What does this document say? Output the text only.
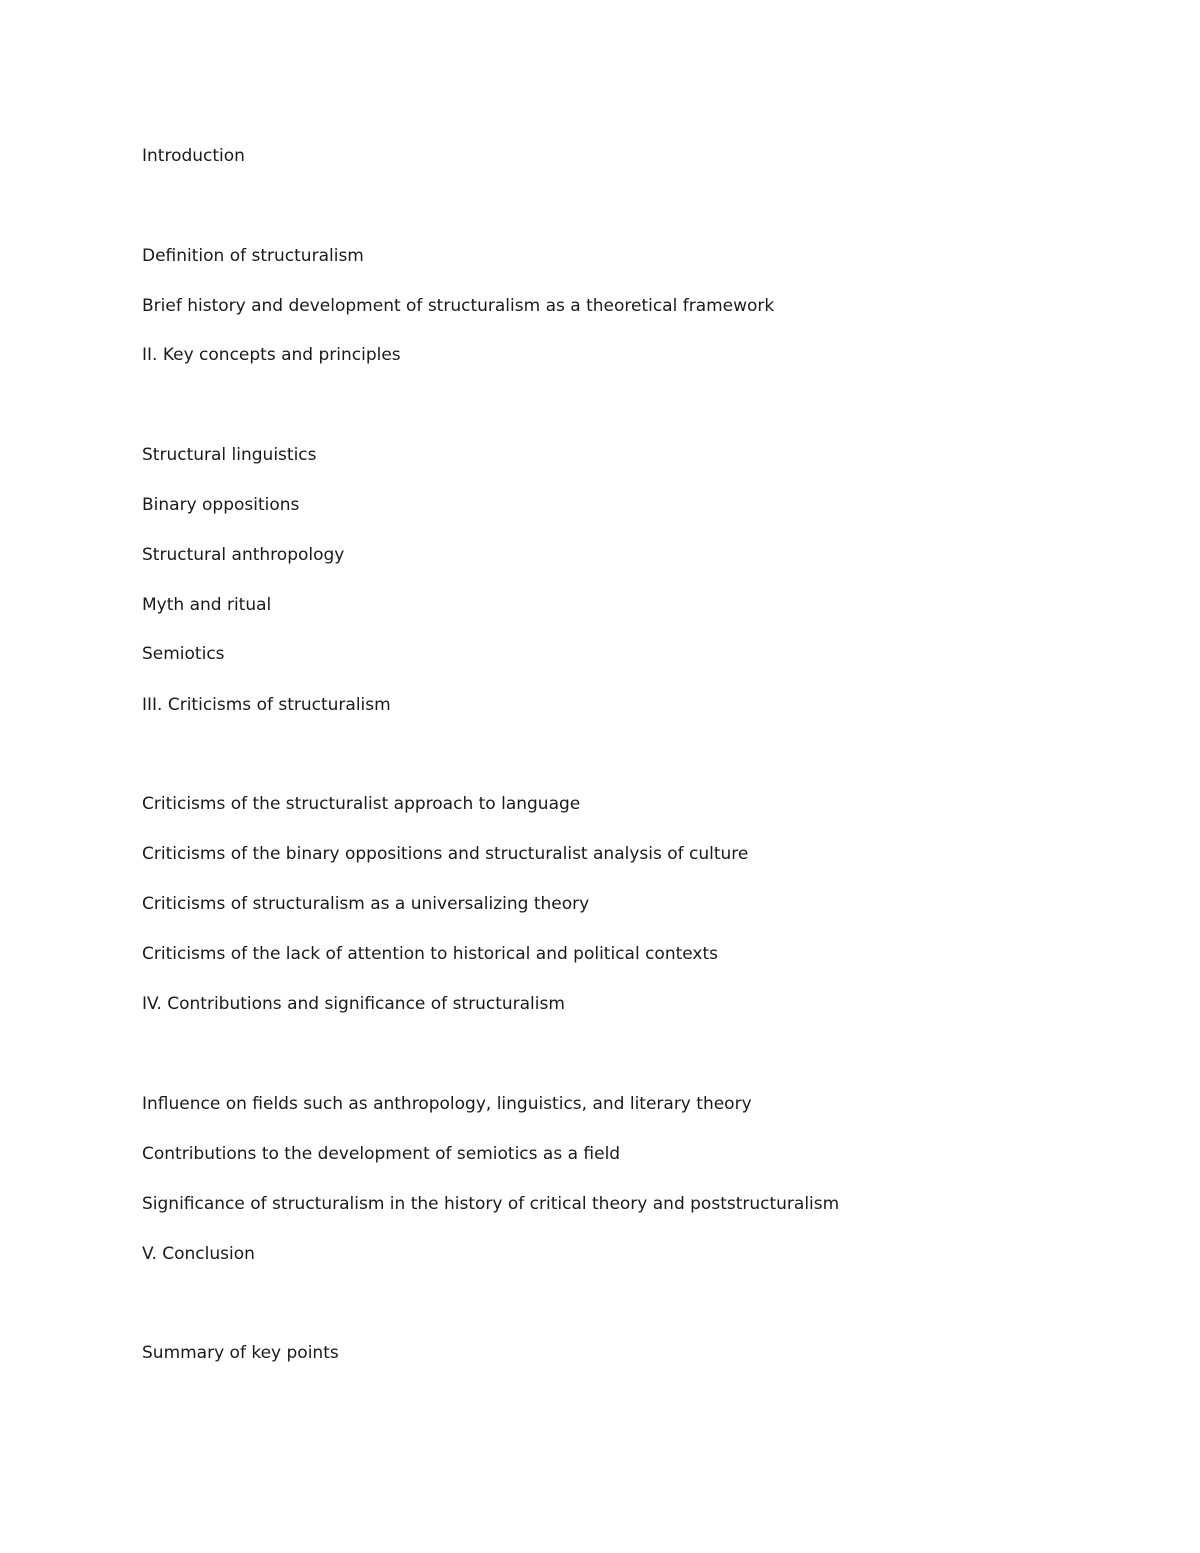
Introduction

Definition of structuralism

Brief history and development of structuralism as a theoretical framework

II. Key concepts and principles

Structural linguistics

Binary oppositions

Structural anthropology

Myth and ritual

Semiotics

III. Criticisms of structuralism

Criticisms of the structuralist approach to language

Criticisms of the binary oppositions and structuralist analysis of culture

Criticisms of structuralism as a universalizing theory

Criticisms of the lack of attention to historical and political contexts

IV. Contributions and significance of structuralism

Influence on fields such as anthropology, linguistics, and literary theory

Contributions to the development of semiotics as a field

Significance of structuralism in the history of critical theory and poststructuralism

V. Conclusion

Summary of key points
